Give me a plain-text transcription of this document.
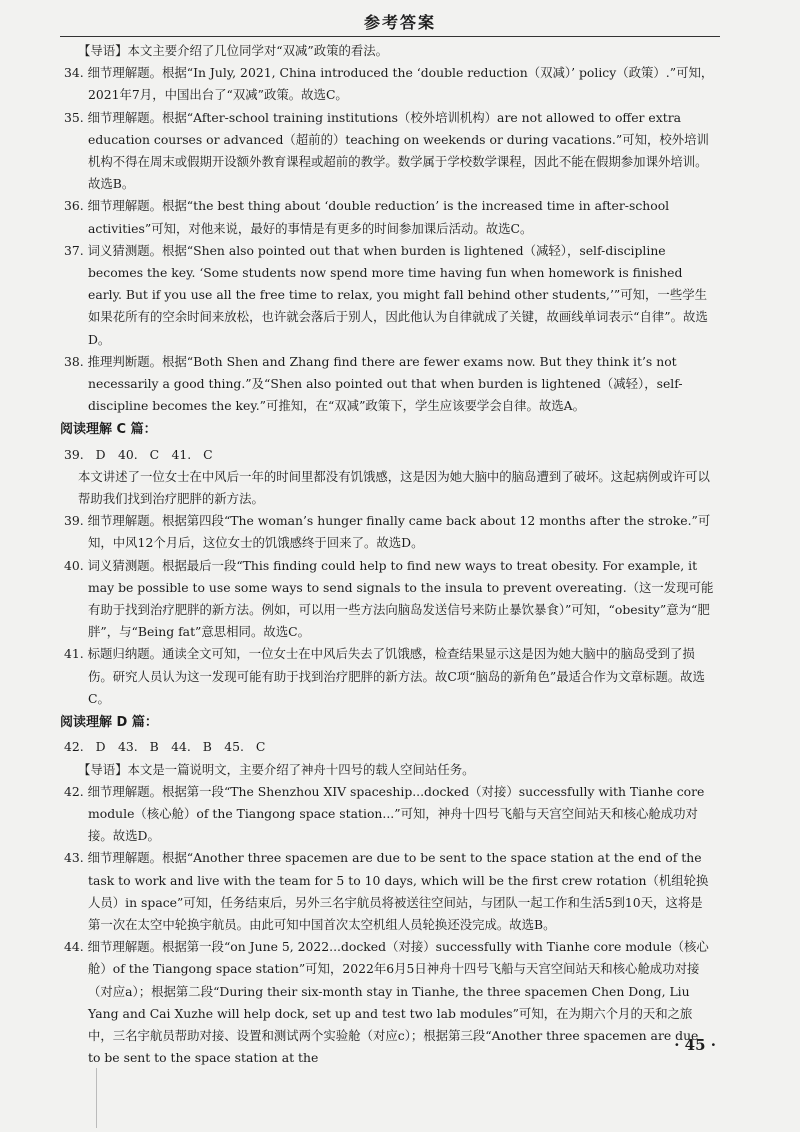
参考答案

【导语】本文主要介绍了几位同学对“双减”政策的看法。

34. 细节理解题。根据“In July, 2021, China introduced the ‘double reduction（双减）’ policy（政策）.”可知，2021年7月，中国出台了“双减”政策。故选C。

35. 细节理解题。根据“After-school training institutions（校外培训机构）are not allowed to offer extra education courses or advanced（超前的）teaching on weekends or during vacations.”可知，校外培训机构不得在周末或假期开设额外教育课程或超前的教学。数学属于学校数学课程，因此不能在假期参加课外培训。故选B。

36. 细节理解题。根据“the best thing about ‘double reduction’ is the increased time in after-school activities”可知，对他来说，最好的事情是有更多的时间参加课后活动。故选C。

37. 词义猜测题。根据“Shen also pointed out that when burden is lightened（减轻），self-discipline becomes the key. ‘Some students now spend more time having fun when homework is finished early. But if you use all the free time to relax, you might fall behind other students,’”可知，一些学生如果花所有的空余时间来放松，也许就会落后于别人，因此他认为自律就成了关键，故画线单词表示“自律”。故选D。

38. 推理判断题。根据“Both Shen and Zhang find there are fewer exams now. But they think it’s not necessarily a good thing.”及“Shen also pointed out that when burden is lightened（减轻），self-discipline becomes the key.”可推知，在“双减”政策下，学生应该要学会自律。故选A。

阅读理解 C 篇：

39. D　40. C　41. C

本文讲述了一位女士在中风后一年的时间里都没有饥饿感，这是因为她大脑中的脑岛遭到了破坏。这起病例或许可以帮助我们找到治疗肥胖的新方法。

39. 细节理解题。根据第四段“The woman’s hunger finally came back about 12 months after the stroke.”可知，中风12个月后，这位女士的饥饿感终于回来了。故选D。

40. 词义猜测题。根据最后一段“This finding could help to find new ways to treat obesity. For example, it may be possible to use some ways to send signals to the insula to prevent overeating.（这一发现可能有助于找到治疗肥胖的新方法。例如，可以用一些方法向脑岛发送信号来防止暴饮暴食）”可知，“obesity”意为“肥胖”，与“Being fat”意思相同。故选C。

41. 标题归纳题。通读全文可知，一位女士在中风后失去了饥饿感，检查结果显示这是因为她大脑中的脑岛受到了损伤。研究人员认为这一发现可能有助于找到治疗肥胖的新方法。故C项“脑岛的新角色”最适合作为文章标题。故选C。

阅读理解 D 篇：

42. D　43. B　44. B　45. C

【导语】本文是一篇说明文，主要介绍了神舟十四号的载人空间站任务。

42. 细节理解题。根据第一段“The Shenzhou XIV spaceship...docked（对接）successfully with Tianhe core module（核心舱）of the Tiangong space station...”可知，神舟十四号飞船与天宫空间站天和核心舱成功对接。故选D。

43. 细节理解题。根据“Another three spacemen are due to be sent to the space station at the end of the task to work and live with the team for 5 to 10 days, which will be the first crew rotation（机组轮换人员）in space”可知，任务结束后，另外三名宇航员将被送往空间站，与团队一起工作和生活5到10天，这将是第一次在太空中轮换宇航员。由此可知中国首次太空机组人员轮换还没完成。故选B。

44. 细节理解题。根据第一段“on June 5, 2022...docked（对接）successfully with Tianhe core module（核心舱）of the Tiangong space station”可知，2022年6月5日神舟十四号飞船与天宫空间站天和核心舱成功对接（对应a）；根据第二段“During their six-month stay in Tianhe, the three spacemen Chen Dong, Liu Yang and Cai Xuzhe will help dock, set up and test two lab modules”可知，在为期六个月的天和之旅中，三名宇航员帮助对接、设置和测试两个实验舱（对应c）；根据第三段“Another three spacemen are due to be sent to the space station at the

· 45 ·
